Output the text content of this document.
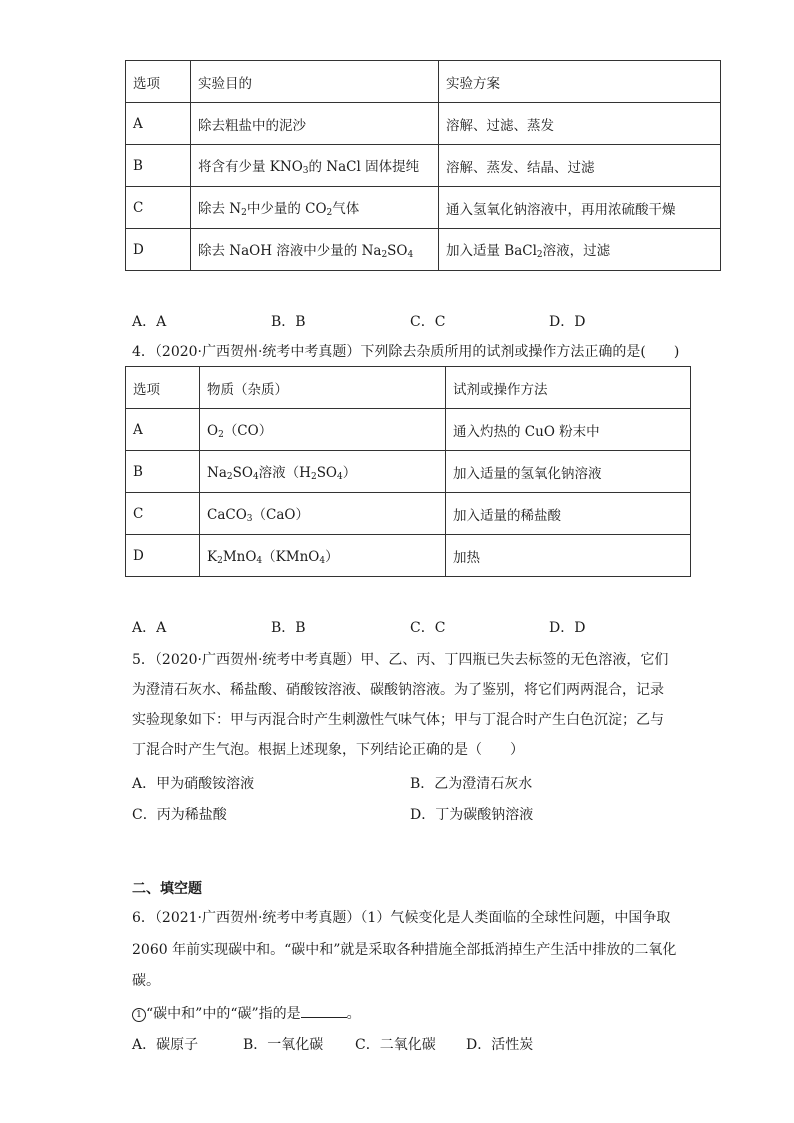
选项	实验目的	实验方案
A	除去粗盐中的泥沙	溶解、过滤、蒸发
B	将含有少量 $KNO_3$的 NaCl 固体提纯	溶解、蒸发、结晶、过滤
C	除去 $N_2$中少量的 $CO_2$气体	通入氢氧化钠溶液中，再用浓硫酸干燥
D	除去 NaOH 溶液中少量的 $Na_2SO_4$	加入适量 BaCl$_2$溶液，过滤
A．A	B．B	C．C	D．D
4．（2020·广西贺州·统考中考真题）下列除去杂质所用的试剂或操作方法正确的是(　　)
选项	物质（杂质）	试剂或操作方法
A	$O_2(CO)$	通入灼热的 CuO 粉末中
B	$Na_2SO_4$溶液$(H_2SO_4)$	加入适量的氢氧化钠溶液
C	CaCO$_3$（CaO）	加入适量的稀盐酸
D	$K_2MnO_4(KMnO_4)$	加热
A．A	B．B	C．C	D．D
5．（2020·广西贺州·统考中考真题）甲、乙、丙、丁四瓶已失去标签的无色溶液，它们
为澄清石灰水、稀盐酸、硝酸铵溶液、碳酸钠溶液。为了鉴别，将它们两两混合，记录
实验现象如下：甲与丙混合时产生刺激性气味气体；甲与丁混合时产生白色沉淀；乙与
丁混合时产生气泡。根据上述现象，下列结论正确的是（　　）
A．甲为硝酸铵溶液	B．乙为澄清石灰水
C．丙为稀盐酸	D．丁为碳酸钠溶液
二、填空题
6．（2021·广西贺州·统考中考真题）（1）气候变化是人类面临的全球性问题，中国争取
2060 年前实现碳中和。“碳中和”就是采取各种措施全部抵消掉生产生活中排放的二氧化
碳。
1 “碳中和”中的“碳”指的是	。
A．碳原子	B．一氧化碳 C．二氧化碳 D．活性炭
